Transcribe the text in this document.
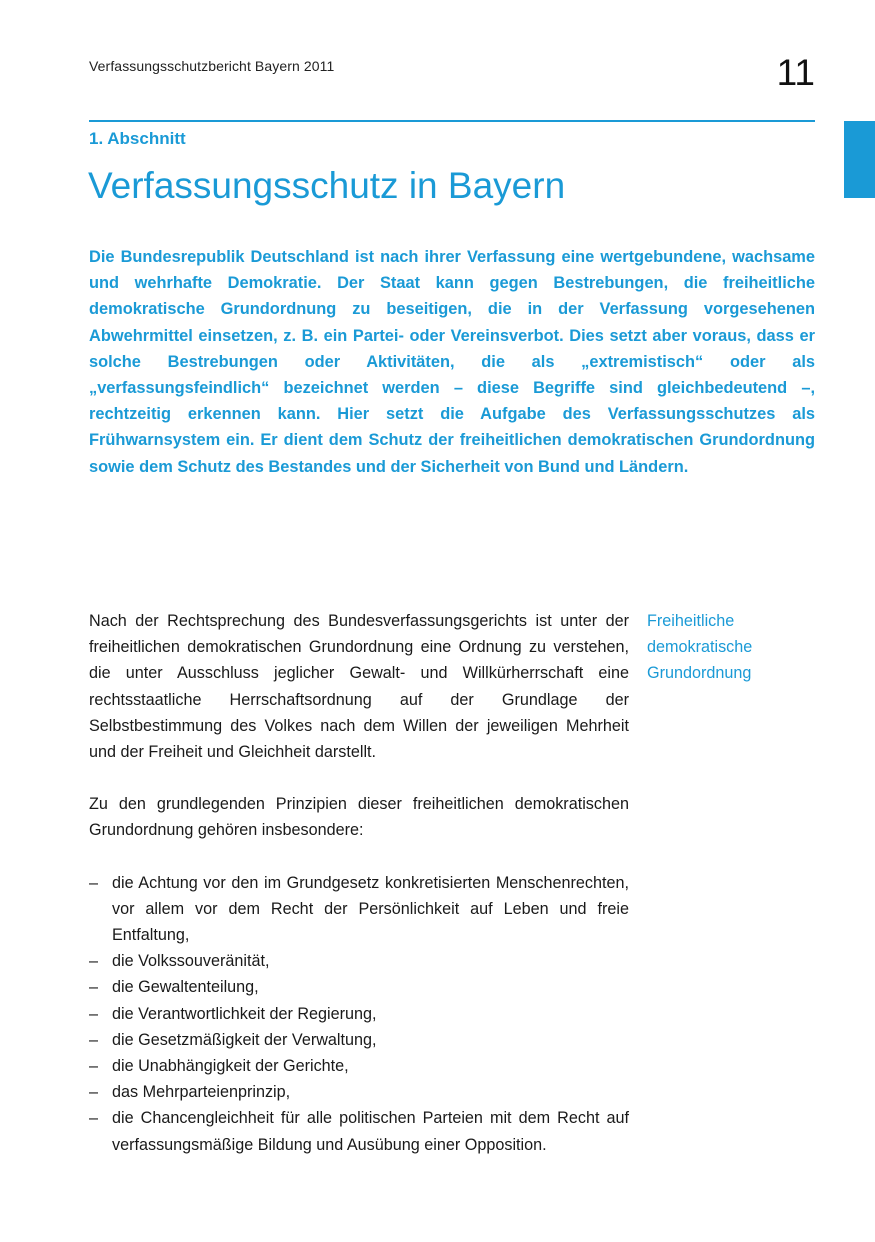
Verfassungsschutzbericht Bayern 2011	11
1. Abschnitt
Verfassungsschutz in Bayern

Die Bundesrepublik Deutschland ist nach ihrer Verfassung eine wertgebundene, wachsame und wehrhafte Demokratie. Der Staat kann gegen Bestrebungen, die freiheitliche demokratische Grundordnung zu beseitigen, die in der Verfassung vorgesehenen Abwehrmittel einsetzen, z. B. ein Partei- oder Vereinsverbot. Dies setzt aber voraus, dass er solche Bestrebungen oder Aktivitäten, die als „extremistisch“ oder als „verfassungsfeindlich“ bezeichnet werden – diese Begriffe sind gleichbedeutend –, rechtzeitig erkennen kann. Hier setzt die Aufgabe des Verfassungsschutzes als Frühwarnsystem ein. Er dient dem Schutz der freiheitlichen demokratischen Grundordnung sowie dem Schutz des Bestandes und der Sicherheit von Bund und Ländern.

Nach der Rechtsprechung des Bundesverfassungsgerichts ist unter der freiheitlichen demokratischen Grundordnung eine Ordnung zu verstehen, die unter Ausschluss jeglicher Gewalt- und Willkürherrschaft eine rechtsstaatliche Herrschaftsordnung auf der Grundlage der Selbstbestimmung des Volkes nach dem Willen der jeweiligen Mehrheit und der Freiheit und Gleichheit darstellt.

Zu den grundlegenden Prinzipien dieser freiheitlichen demokratischen Grundordnung gehören insbesondere:

– die Achtung vor den im Grundgesetz konkretisierten Menschenrechten, vor allem vor dem Recht der Persönlichkeit auf Leben und freie Entfaltung,
– die Volkssouveränität,
– die Gewaltenteilung,
– die Verantwortlichkeit der Regierung,
– die Gesetzmäßigkeit der Verwaltung,
– die Unabhängigkeit der Gerichte,
– das Mehrparteienprinzip,
– die Chancengleichheit für alle politischen Parteien mit dem Recht auf verfassungsmäßige Bildung und Ausübung einer Opposition.
Freiheitliche
demokratische
Grundordnung
